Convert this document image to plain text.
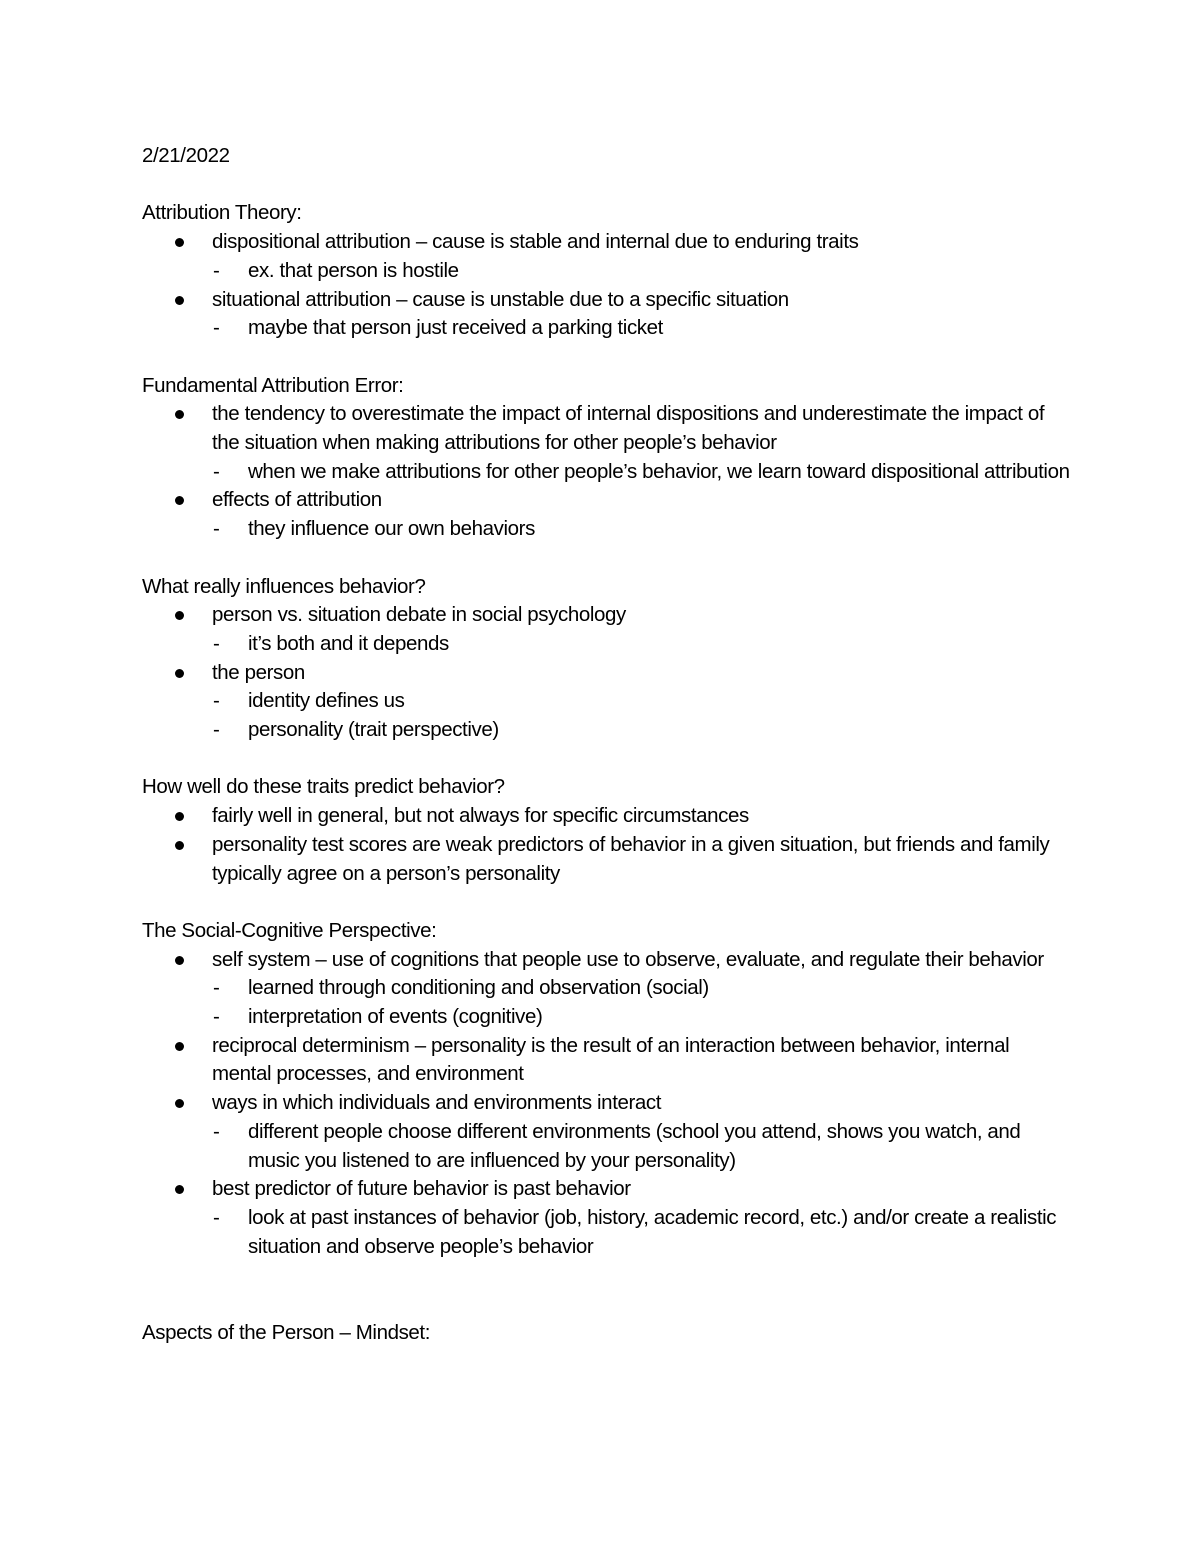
2/21/2022

Attribution Theory:

dispositional attribution – cause is stable and internal due to enduring traits
- ex. that person is hostile
situational attribution – cause is unstable due to a specific situation
- maybe that person just received a parking ticket

Fundamental Attribution Error:

the tendency to overestimate the impact of internal dispositions and underestimate the impact of the situation when making attributions for other people’s behavior
- when we make attributions for other people’s behavior, we learn toward dispositional attribution
effects of attribution
- they influence our own behaviors

What really influences behavior?

person vs. situation debate in social psychology
- it’s both and it depends
the person
- identity defines us
- personality (trait perspective)

How well do these traits predict behavior?

fairly well in general, but not always for specific circumstances
personality test scores are weak predictors of behavior in a given situation, but friends and family typically agree on a person’s personality

The Social-Cognitive Perspective:

self system – use of cognitions that people use to observe, evaluate, and regulate their behavior
- learned through conditioning and observation (social)
- interpretation of events (cognitive)
reciprocal determinism – personality is the result of an interaction between behavior, internal mental processes, and environment
ways in which individuals and environments interact
- different people choose different environments (school you attend, shows you watch, and music you listened to are influenced by your personality)
best predictor of future behavior is past behavior
- look at past instances of behavior (job, history, academic record, etc.) and/or create a realistic situation and observe people’s behavior

Aspects of the Person – Mindset:
